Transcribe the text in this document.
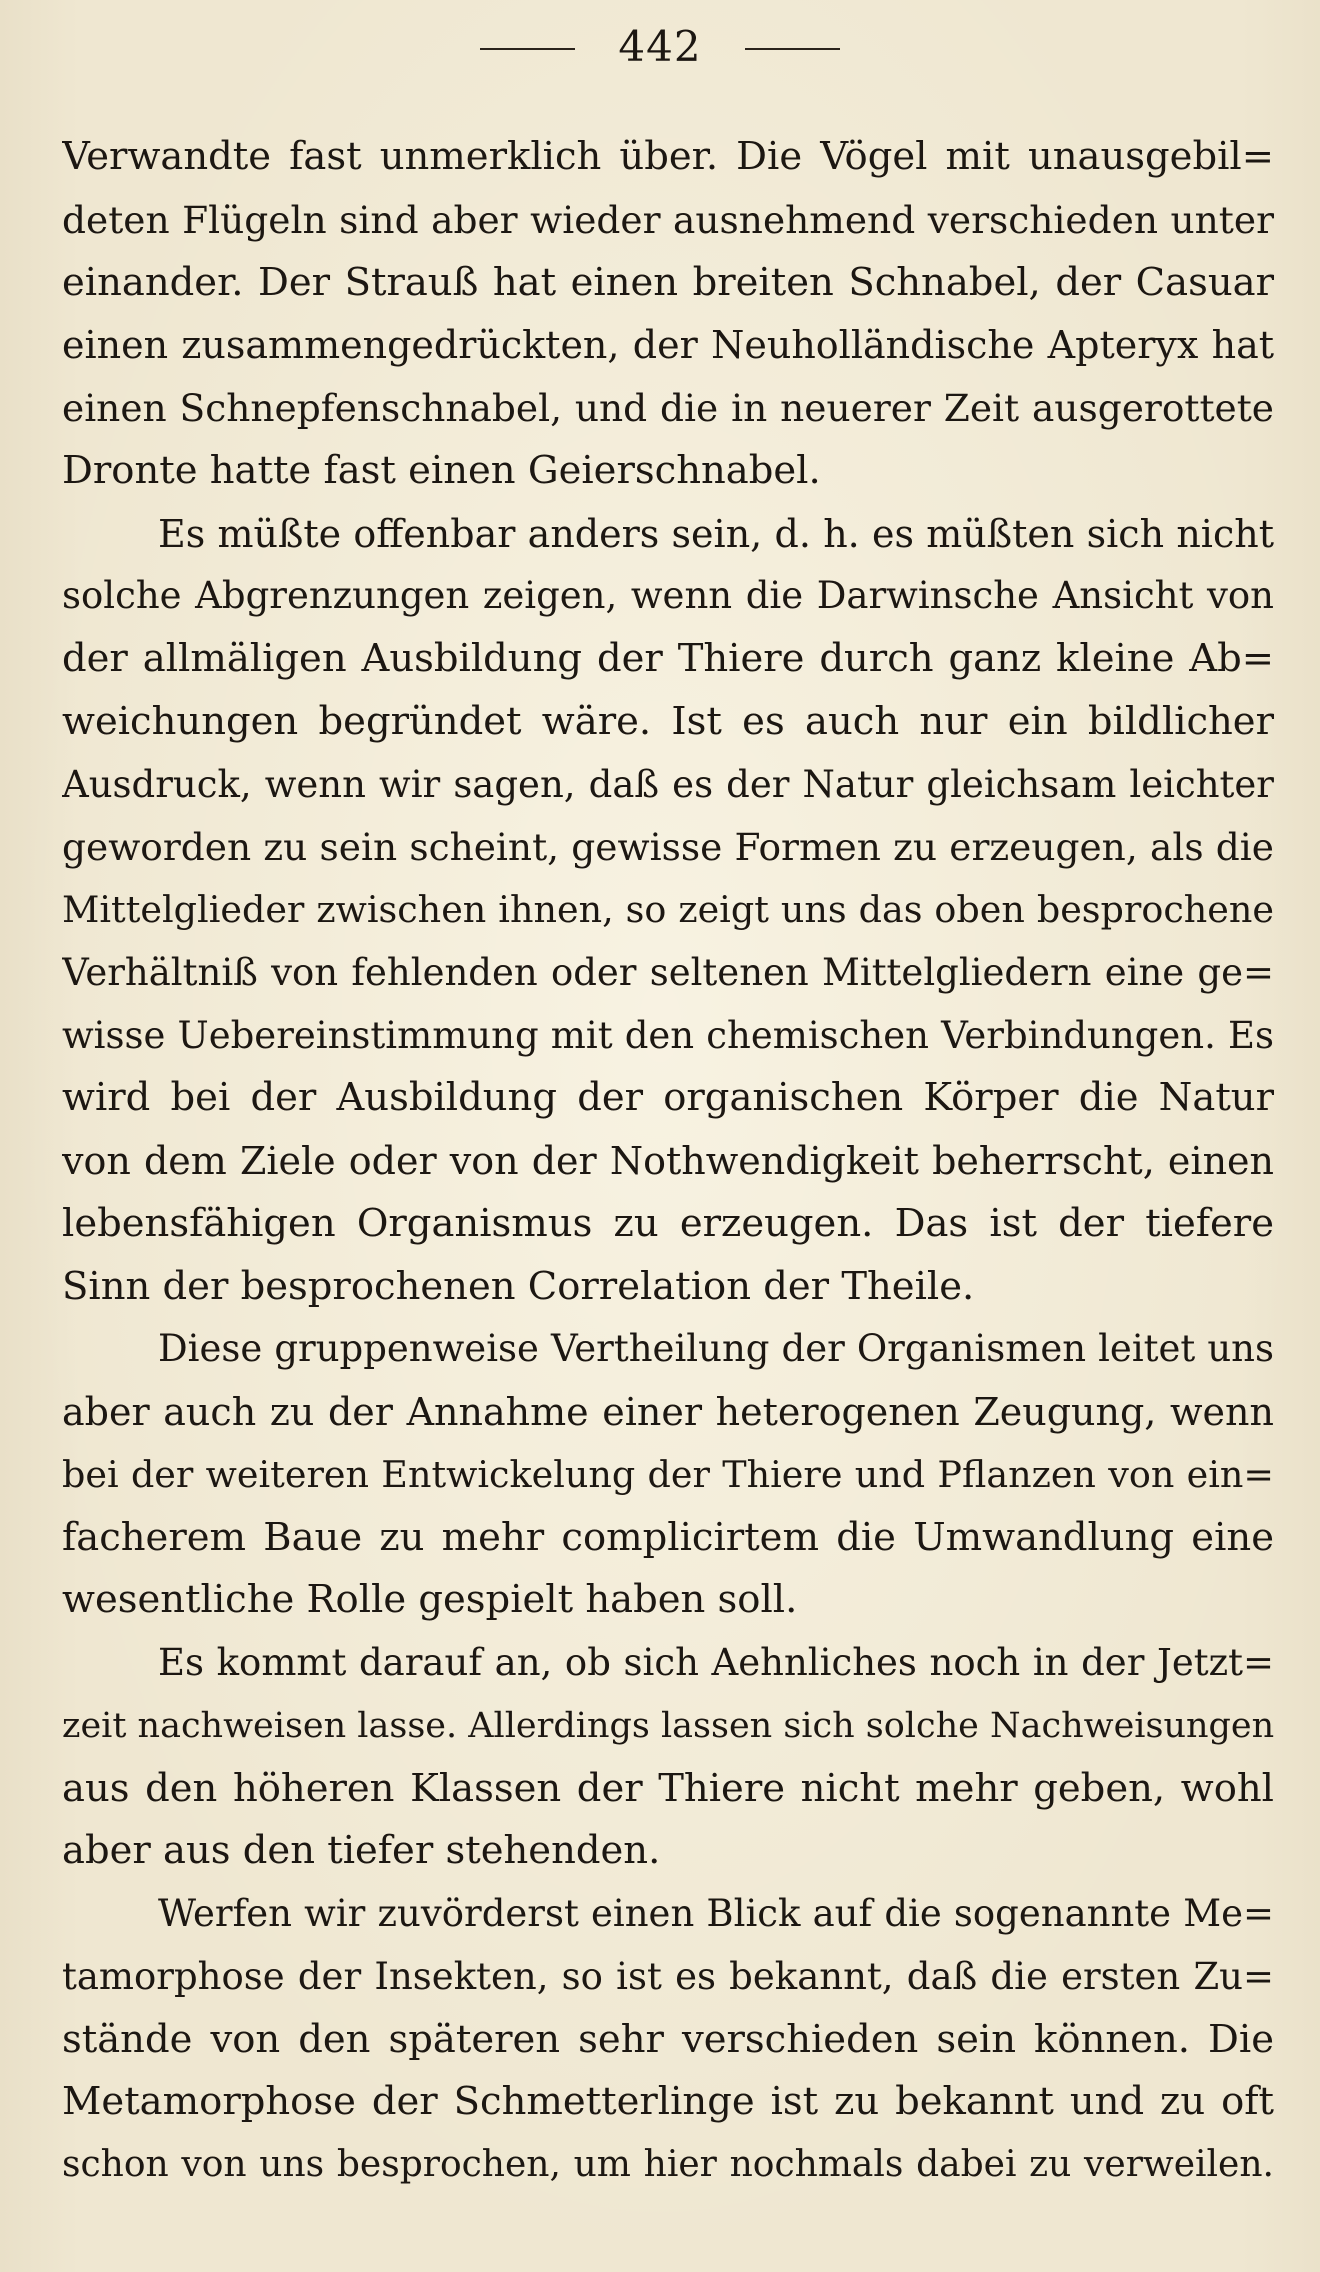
442
Verwandte fast unmerklich über. Die Vögel mit unausgebil=
deten Flügeln sind aber wieder ausnehmend verschieden unter
einander. Der Strauß hat einen breiten Schnabel, der Casuar
einen zusammengedrückten, der Neuholländische Apteryx hat
einen Schnepfenschnabel, und die in neuerer Zeit ausgerottete
Dronte hatte fast einen Geierschnabel.
Es müßte offenbar anders sein, d. h. es müßten sich nicht
solche Abgrenzungen zeigen, wenn die Darwinsche Ansicht von
der allmäligen Ausbildung der Thiere durch ganz kleine Ab=
weichungen begründet wäre. Ist es auch nur ein bildlicher
Ausdruck, wenn wir sagen, daß es der Natur gleichsam leichter
geworden zu sein scheint, gewisse Formen zu erzeugen, als die
Mittelglieder zwischen ihnen, so zeigt uns das oben besprochene
Verhältniß von fehlenden oder seltenen Mittelgliedern eine ge=
wisse Uebereinstimmung mit den chemischen Verbindungen. Es
wird bei der Ausbildung der organischen Körper die Natur
von dem Ziele oder von der Nothwendigkeit beherrscht, einen
lebensfähigen Organismus zu erzeugen. Das ist der tiefere
Sinn der besprochenen Correlation der Theile.
Diese gruppenweise Vertheilung der Organismen leitet uns
aber auch zu der Annahme einer heterogenen Zeugung, wenn
bei der weiteren Entwickelung der Thiere und Pflanzen von ein=
facherem Baue zu mehr complicirtem die Umwandlung eine
wesentliche Rolle gespielt haben soll.
Es kommt darauf an, ob sich Aehnliches noch in der Jetzt=
zeit nachweisen lasse. Allerdings lassen sich solche Nachweisungen
aus den höheren Klassen der Thiere nicht mehr geben, wohl
aber aus den tiefer stehenden.
Werfen wir zuvörderst einen Blick auf die sogenannte Me=
tamorphose der Insekten, so ist es bekannt, daß die ersten Zu=
stände von den späteren sehr verschieden sein können. Die
Metamorphose der Schmetterlinge ist zu bekannt und zu oft
schon von uns besprochen, um hier nochmals dabei zu verweilen.
